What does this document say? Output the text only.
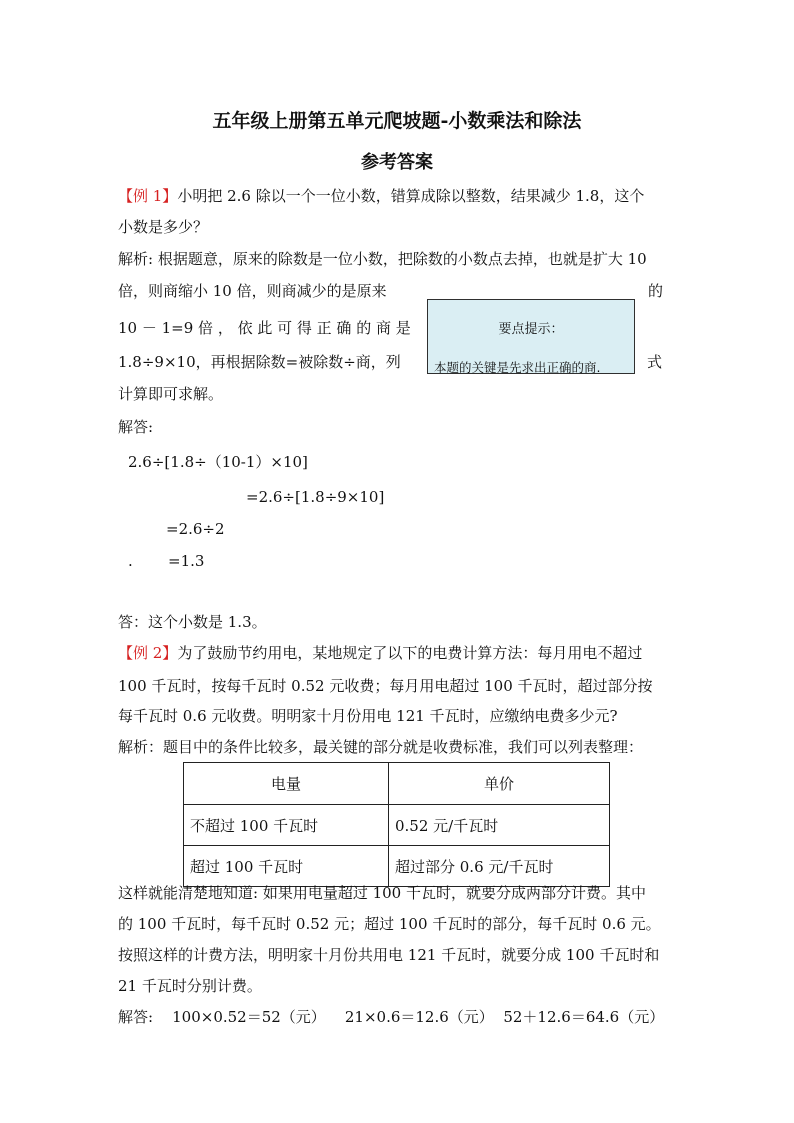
五年级上册第五单元爬坡题-小数乘法和除法
参考答案
【例 1】小明把 2.6 除以一个一位小数，错算成除以整数，结果减少 1.8，这个
小数是多少？
解析: 根据题意，原来的除数是一位小数，把除数的小数点去掉，也就是扩大 10
倍，则商缩小 10 倍，则商减少的是原来	的
10 － 1=9 倍 ， 依 此 可 得 正 确 的 商 是
1.8÷9×10，再根据除数=被除数÷商，列	式
计算即可求解。
要点提示：
本题的关键是先求出正确的商.
解答:
2.6÷[1.8÷（10-1）×10]
=2.6÷[1.8÷9×10]
=2.6÷2
. =1.3
答：这个小数是 1.3。
【例 2】为了鼓励节约用电，某地规定了以下的电费计算方法：每月用电不超过
100 千瓦时，按每千瓦时 0.52 元收费；每月用电超过 100 千瓦时，超过部分按
每千瓦时 0.6 元收费。明明家十月份用电 121 千瓦时，应缴纳电费多少元?
解析：题目中的条件比较多，最关键的部分就是收费标准，我们可以列表整理：
电量	单价
不超过 100 千瓦时	0.52 元/千瓦时
超过 100 千瓦时	超过部分 0.6 元/千瓦时
这样就能清楚地知道: 如果用电量超过 100 千瓦时，就要分成两部分计费。其中
的 100 千瓦时，每千瓦时 0.52 元；超过 100 千瓦时的部分，每千瓦时 0.6 元。
按照这样的计费方法，明明家十月份共用电 121 千瓦时，就要分成 100 千瓦时和
21 千瓦时分别计费。
解答:    100×0.52＝52（元）    21×0.6＝12.6（元）  52＋12.6＝64.6（元）
